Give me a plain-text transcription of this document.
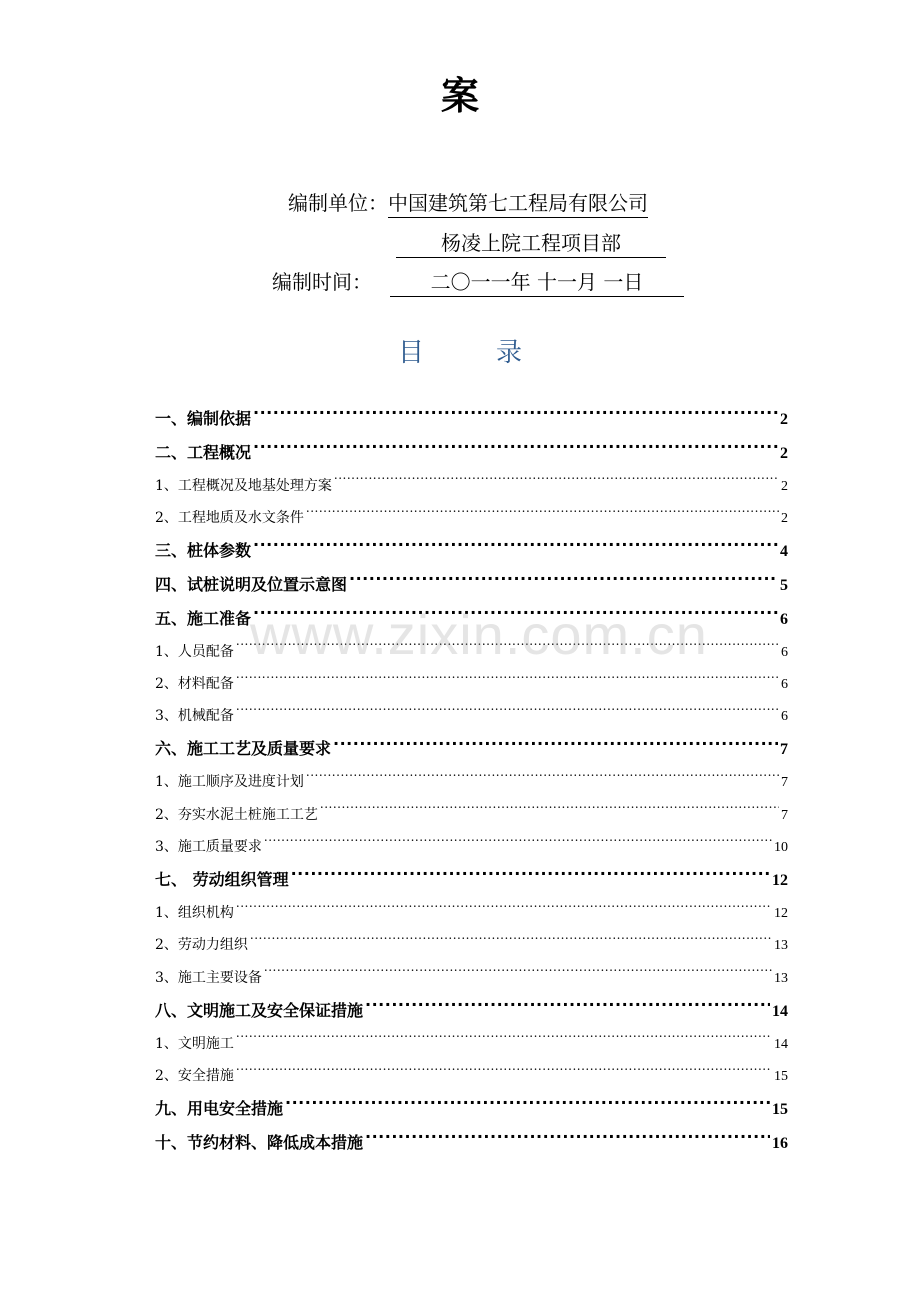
案
编制单位：中国建筑第七工程局有限公司
杨凌上院工程项目部
编制时间：	二〇一一年 十一月 一日
目	录
一、编制依据 .....	2
二、工程概况 .....	2
1、工程概况及地基处理方案 .....	2
2、工程地质及水文条件 .....	2
三、桩体参数 .....	4
四、试桩说明及位置示意图 .....	5
五、施工准备 .....	6
1、人员配备 .....	6
2、材料配备 .....	6
3、机械配备 .....	6
六、施工工艺及质量要求 .....	7
1、施工顺序及进度计划 .....	7
2、夯实水泥土桩施工工艺 .....	7
3、施工质量要求 .....	10
七、 劳动组织管理 .....	12
1、组织机构 .....	12
2、劳动力组织 .....	13
3、施工主要设备 .....	13
八、文明施工及安全保证措施 .....	14
1、文明施工 .....	14
2、安全措施 .....	15
九、用电安全措施 .....	15
十、节约材料、降低成本措施 .....	16
www.zixin.com.cn
